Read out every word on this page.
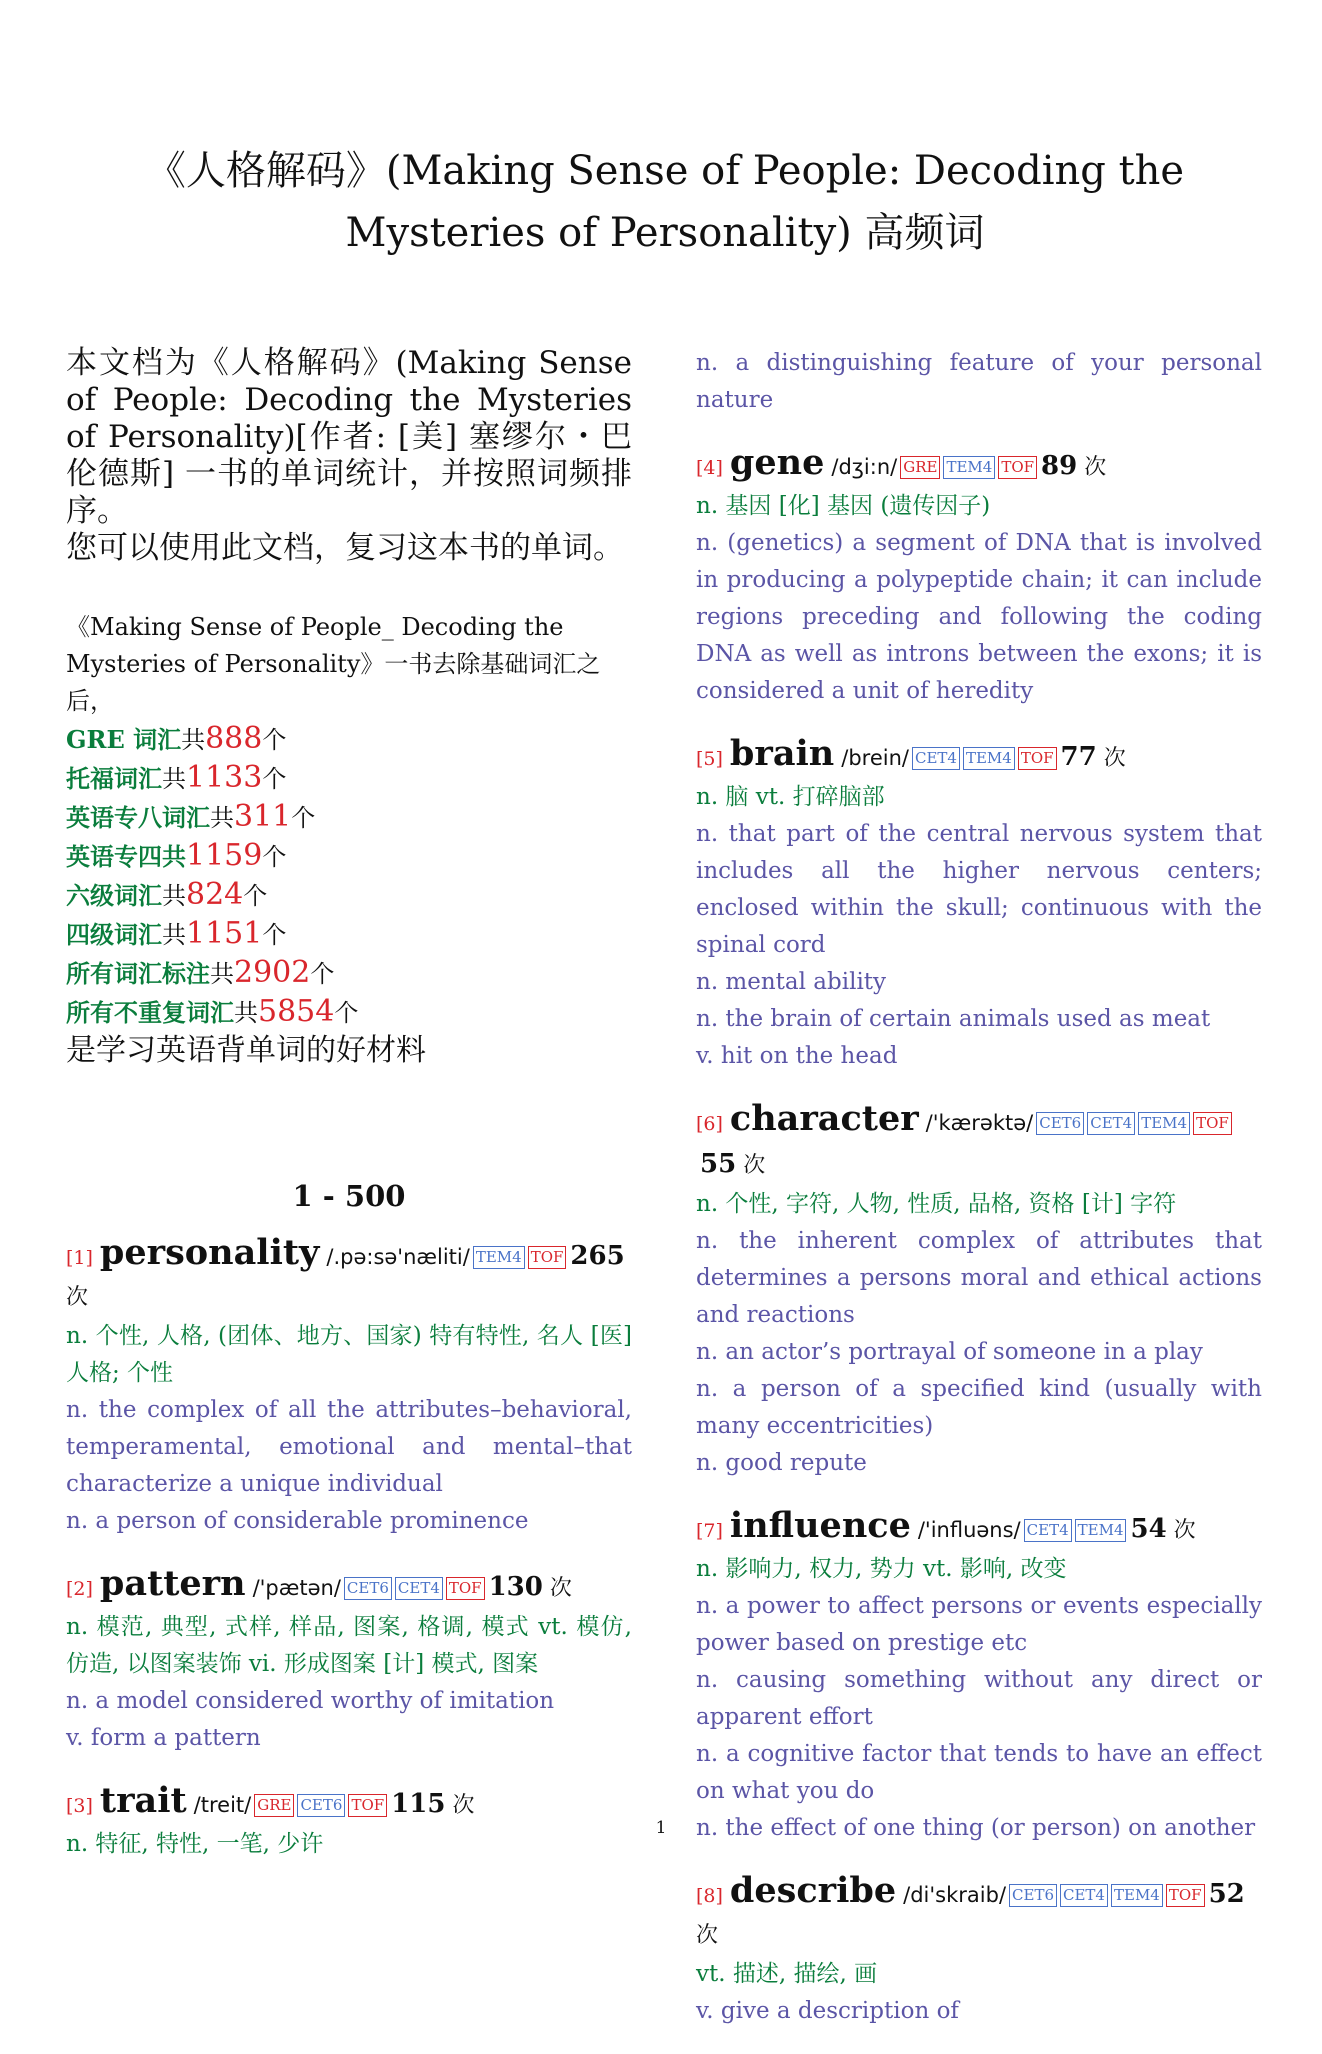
《人格解码》(Making Sense of People: Decoding the Mysteries of Personality) 高频词
本文档为《人格解码》(Making Sense of People: Decoding the Mysteries of Personality)[作者: [美] 塞缪尔・巴伦德斯] 一书的单词统计，并按照词频排序。
您可以使用此文档，复习这本书的单词。
《Making Sense of People_ Decoding the Mysteries of Personality》一书去除基础词汇之后，
GRE 词汇共888个
托福词汇共1133个
英语专八词汇共311个
英语专四共1159个
六级词汇共824个
四级词汇共1151个
所有词汇标注共2902个
所有不重复词汇共5854个
是学习英语背单词的好材料
1 - 500
[1] personality /.pə:sə'næliti/ TEM4 TOF 265 次
n. 个性, 人格, (团体、地方、国家) 特有特性, 名人 [医] 人格; 个性
n. the complex of all the attributes–behavioral, temperamental, emotional and mental–that characterize a unique individual
n. a person of considerable prominence
[2] pattern /'pætən/ CET6 CET4 TOF 130 次
n. 模范, 典型, 式样, 样品, 图案, 格调, 模式 vt. 模仿, 仿造, 以图案装饰 vi. 形成图案 [计] 模式, 图案
n. a model considered worthy of imitation
v. form a pattern
[3] trait /treit/ GRE CET6 TOF 115 次
n. 特征, 特性, 一笔, 少许
n. a distinguishing feature of your personal nature
[4] gene /dʒi:n/ GRE TEM4 TOF 89 次
n. 基因 [化] 基因 (遗传因子)
n. (genetics) a segment of DNA that is involved in producing a polypeptide chain; it can include regions preceding and following the coding DNA as well as introns between the exons; it is considered a unit of heredity
[5] brain /brein/ CET4 TEM4 TOF 77 次
n. 脑 vt. 打碎脑部
n. that part of the central nervous system that includes all the higher nervous centers; enclosed within the skull; continuous with the spinal cord
n. mental ability
n. the brain of certain animals used as meat
v. hit on the head
[6] character /'kærəktə/ CET6 CET4 TEM4 TOF55 次
n. 个性, 字符, 人物, 性质, 品格, 资格 [计] 字符
n. the inherent complex of attributes that determines a persons moral and ethical actions and reactions
n. an actor’s portrayal of someone in a play
n. a person of a specified kind (usually with many eccentricities)
n. good repute
[7] influence /'influəns/ CET4 TEM4 54 次
n. 影响力, 权力, 势力 vt. 影响, 改变
n. a power to affect persons or events especially power based on prestige etc
n. causing something without any direct or apparent effort
n. a cognitive factor that tends to have an effect on what you do
n. the effect of one thing (or person) on another
[8] describe /di'skraib/ CET6 CET4 TEM4 TOF 52 次
vt. 描述, 描绘, 画
v. give a description of
1
